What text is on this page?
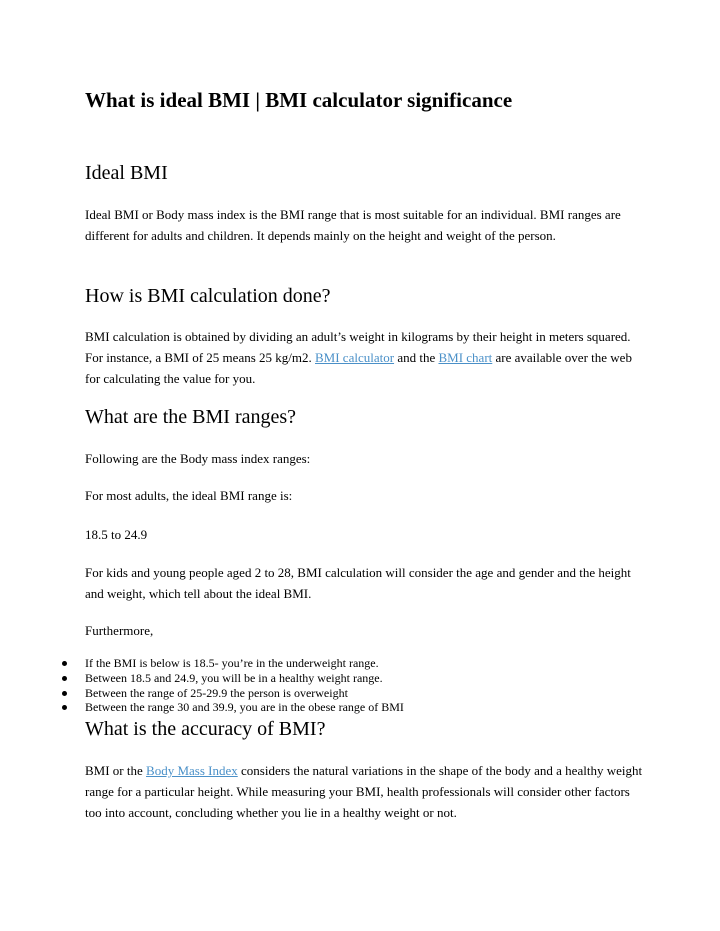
What is ideal BMI | BMI calculator significance
Ideal BMI

Ideal BMI or Body mass index is the BMI range that is most suitable for an individual. BMI ranges are different for adults and children. It depends mainly on the height and weight of the person.

How is BMI calculation done?

BMI calculation is obtained by dividing an adult’s weight in kilograms by their height in meters squared. For instance, a BMI of 25 means 25 kg/m2. BMI calculator and the BMI chart are available over the web for calculating the value for you.

What are the BMI ranges?

Following are the Body mass index ranges:

For most adults, the ideal BMI range is:

18.5 to 24.9

For kids and young people aged 2 to 28, BMI calculation will consider the age and gender and the height and weight, which tell about the ideal BMI.

Furthermore,

If the BMI is below is 18.5- you’re in the underweight range.
Between 18.5 and 24.9, you will be in a healthy weight range.
Between the range of 25-29.9 the person is overweight
Between the range 30 and 39.9, you are in the obese range of BMI
What is the accuracy of BMI?

BMI or the Body Mass Index considers the natural variations in the shape of the body and a healthy weight range for a particular height. While measuring your BMI, health professionals will consider other factors too into account, concluding whether you lie in a healthy weight or not.
